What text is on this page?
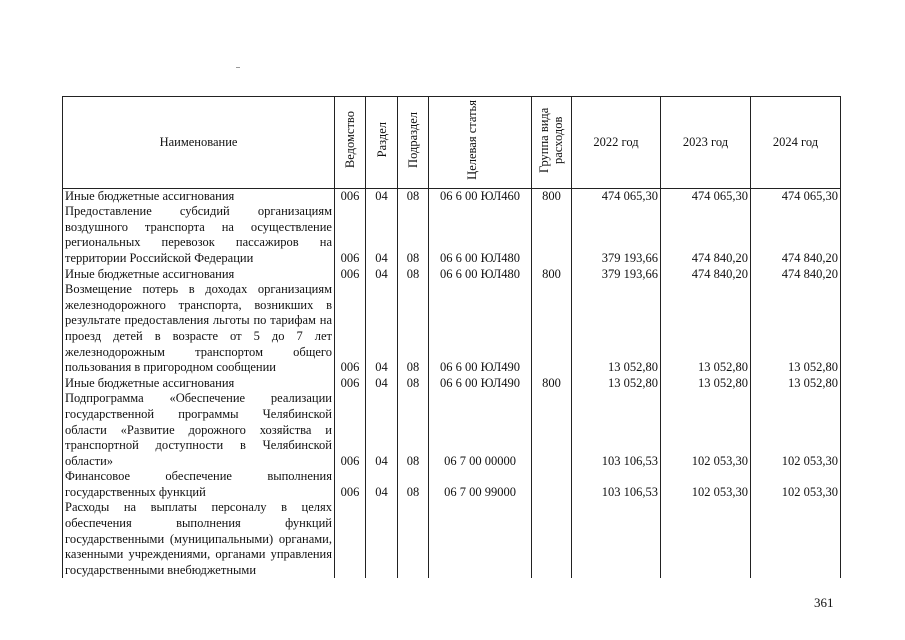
Наименование	Ведомство	Раздел	Подраздел	Целевая статья	Группа вида расходов	2022 год	2023 год	2024 год
Иные бюджетные ассигнования	006	04	08	06 6 00 ЮЛ460	800	474 065,30	474 065,30	474 065,30
Предоставление субсидий организациям воздушного транспорта на осуществление региональных перевозок пассажиров на территории Российской Федерации	006	04	08	06 6 00 ЮЛ480		379 193,66	474 840,20	474 840,20
Иные бюджетные ассигнования	006	04	08	06 6 00 ЮЛ480	800	379 193,66	474 840,20	474 840,20
Возмещение потерь в доходах организациям железнодорожного транспорта, возникших в результате предоставления льготы по тарифам на проезд детей в возрасте от 5 до 7 лет железнодорожным транспортом общего пользования в пригородном сообщении	006	04	08	06 6 00 ЮЛ490		13 052,80	13 052,80	13 052,80
Иные бюджетные ассигнования	006	04	08	06 6 00 ЮЛ490	800	13 052,80	13 052,80	13 052,80
Подпрограмма «Обеспечение реализации государственной программы Челябинской области «Развитие дорожного хозяйства и транспортной доступности в Челябинской области»	006	04	08	06 7 00 00000		103 106,53	102 053,30	102 053,30
Финансовое обеспечение выполнения государственных функций	006	04	08	06 7 00 99000		103 106,53	102 053,30	102 053,30
Расходы на выплаты персоналу в целях обеспечения выполнения функций государственными (муниципальными) органами, казенными учреждениями, органами управления государственными внебюджетными								
361
